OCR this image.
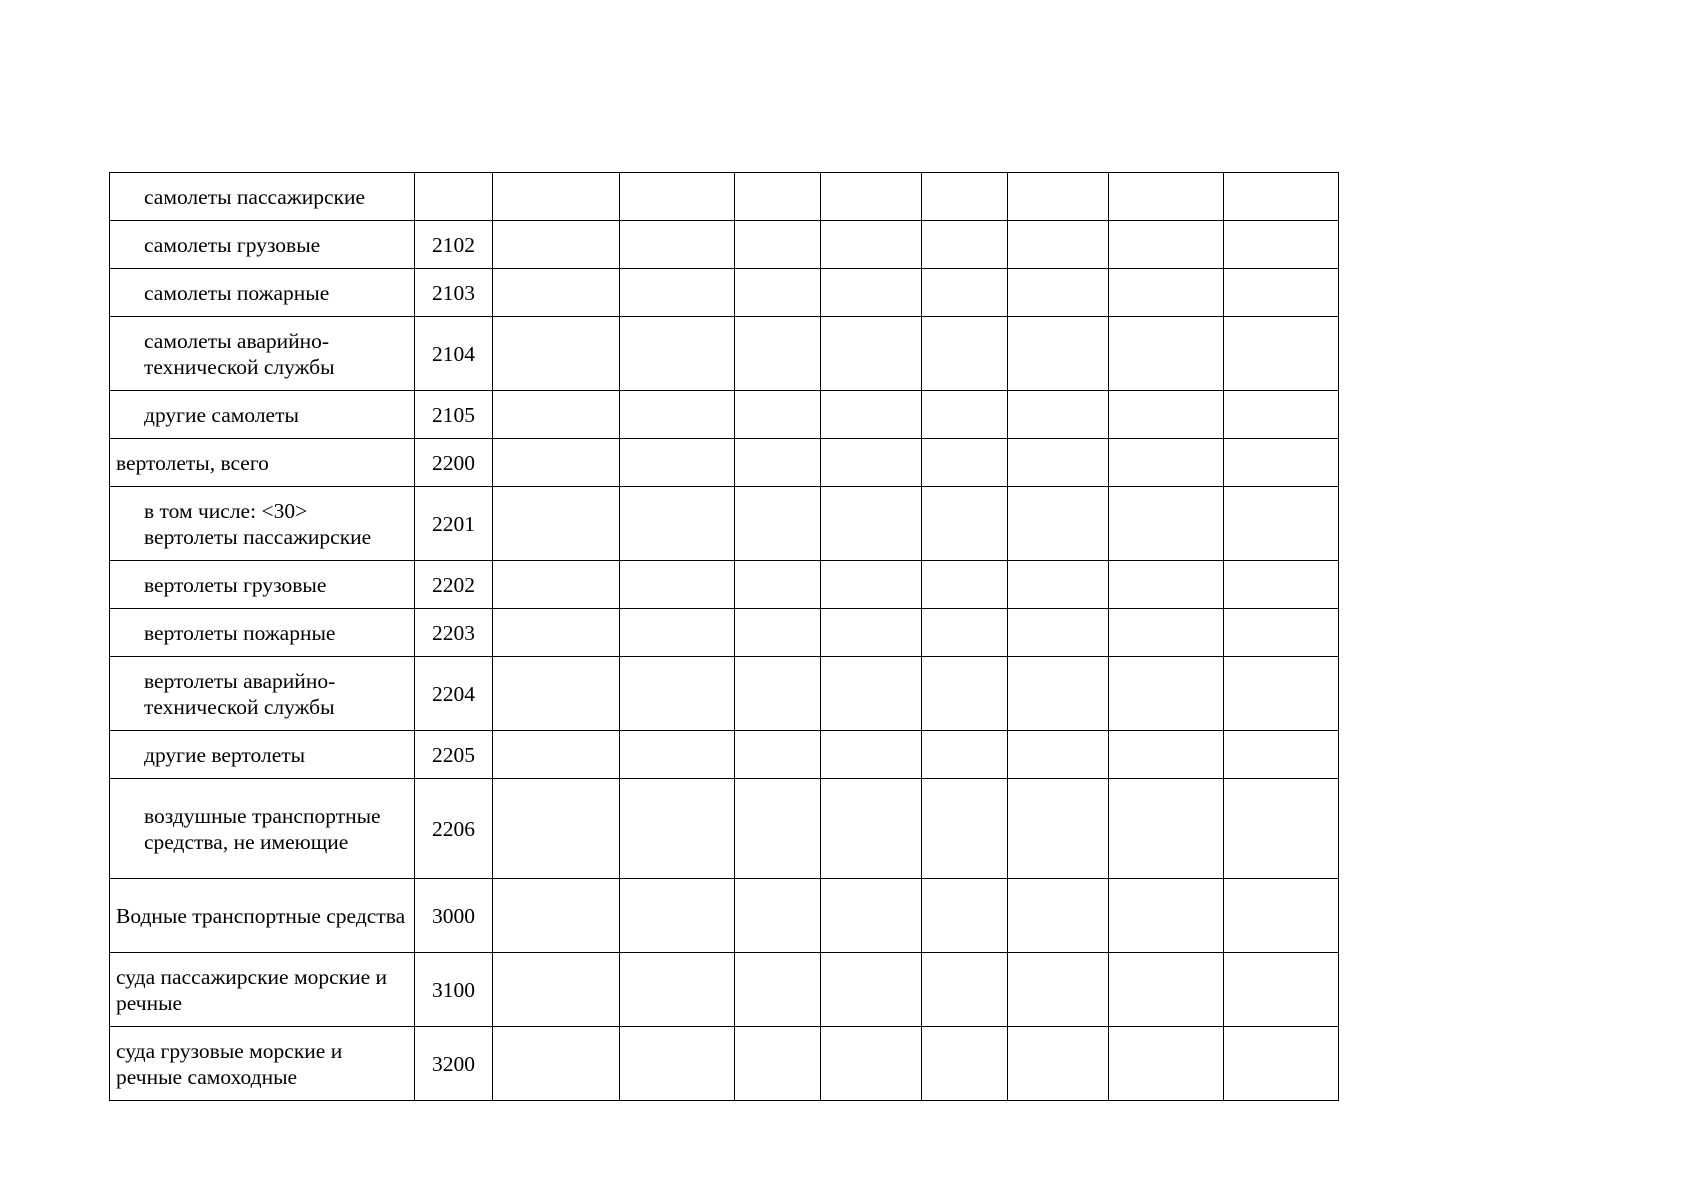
самолеты пассажирские									
самолеты грузовые	2102								
самолеты пожарные	2103								
самолеты аварийно-технической службы	2104								
другие самолеты	2105								
вертолеты, всего	2200								
в том числе: <30> вертолеты пассажирские	2201								
вертолеты грузовые	2202								
вертолеты пожарные	2203								
вертолеты аварийно-технической службы	2204								
другие вертолеты	2205								
воздушные транспортные средства, не имеющие	2206								
Водные транспортные средства	3000								
суда пассажирские морские и речные	3100								
суда грузовые морские и речные самоходные	3200								
